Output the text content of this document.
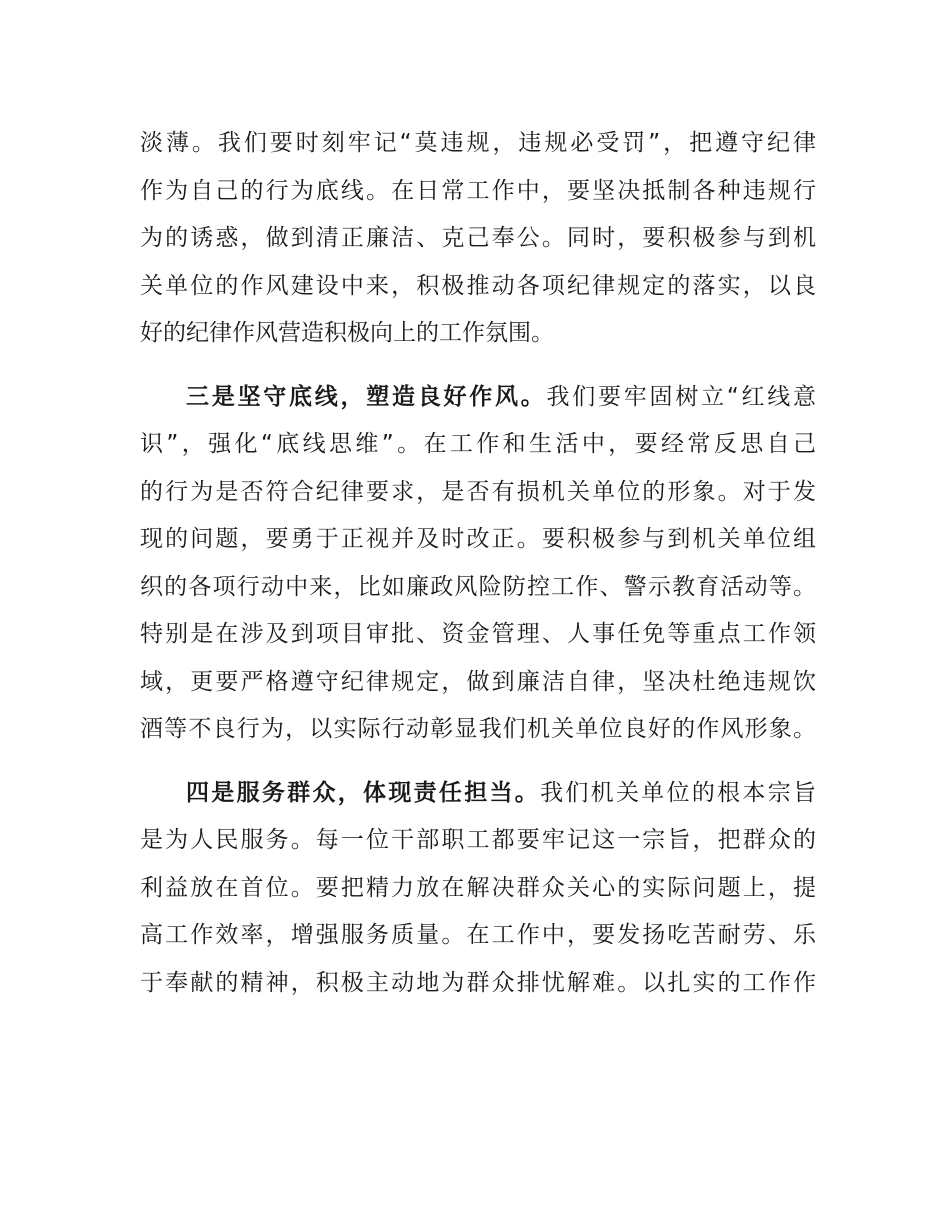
淡薄。我们要时刻牢记“莫违规，违规必受罚”，把遵守纪律
作为自己的行为底线。在日常工作中，要坚决抵制各种违规行
为的诱惑，做到清正廉洁、克己奉公。同时，要积极参与到机
关单位的作风建设中来，积极推动各项纪律规定的落实，以良
好的纪律作风营造积极向上的工作氛围。
三是坚守底线，塑造良好作风。我们要牢固树立“红线意
识”，强化“底线思维”。在工作和生活中，要经常反思自己
的行为是否符合纪律要求，是否有损机关单位的形象。对于发
现的问题，要勇于正视并及时改正。要积极参与到机关单位组
织的各项行动中来，比如廉政风险防控工作、警示教育活动等。
特别是在涉及到项目审批、资金管理、人事任免等重点工作领
域，更要严格遵守纪律规定，做到廉洁自律，坚决杜绝违规饮
酒等不良行为，以实际行动彰显我们机关单位良好的作风形象。
四是服务群众，体现责任担当。我们机关单位的根本宗旨
是为人民服务。每一位干部职工都要牢记这一宗旨，把群众的
利益放在首位。要把精力放在解决群众关心的实际问题上，提
高工作效率，增强服务质量。在工作中，要发扬吃苦耐劳、乐
于奉献的精神，积极主动地为群众排忧解难。以扎实的工作作
